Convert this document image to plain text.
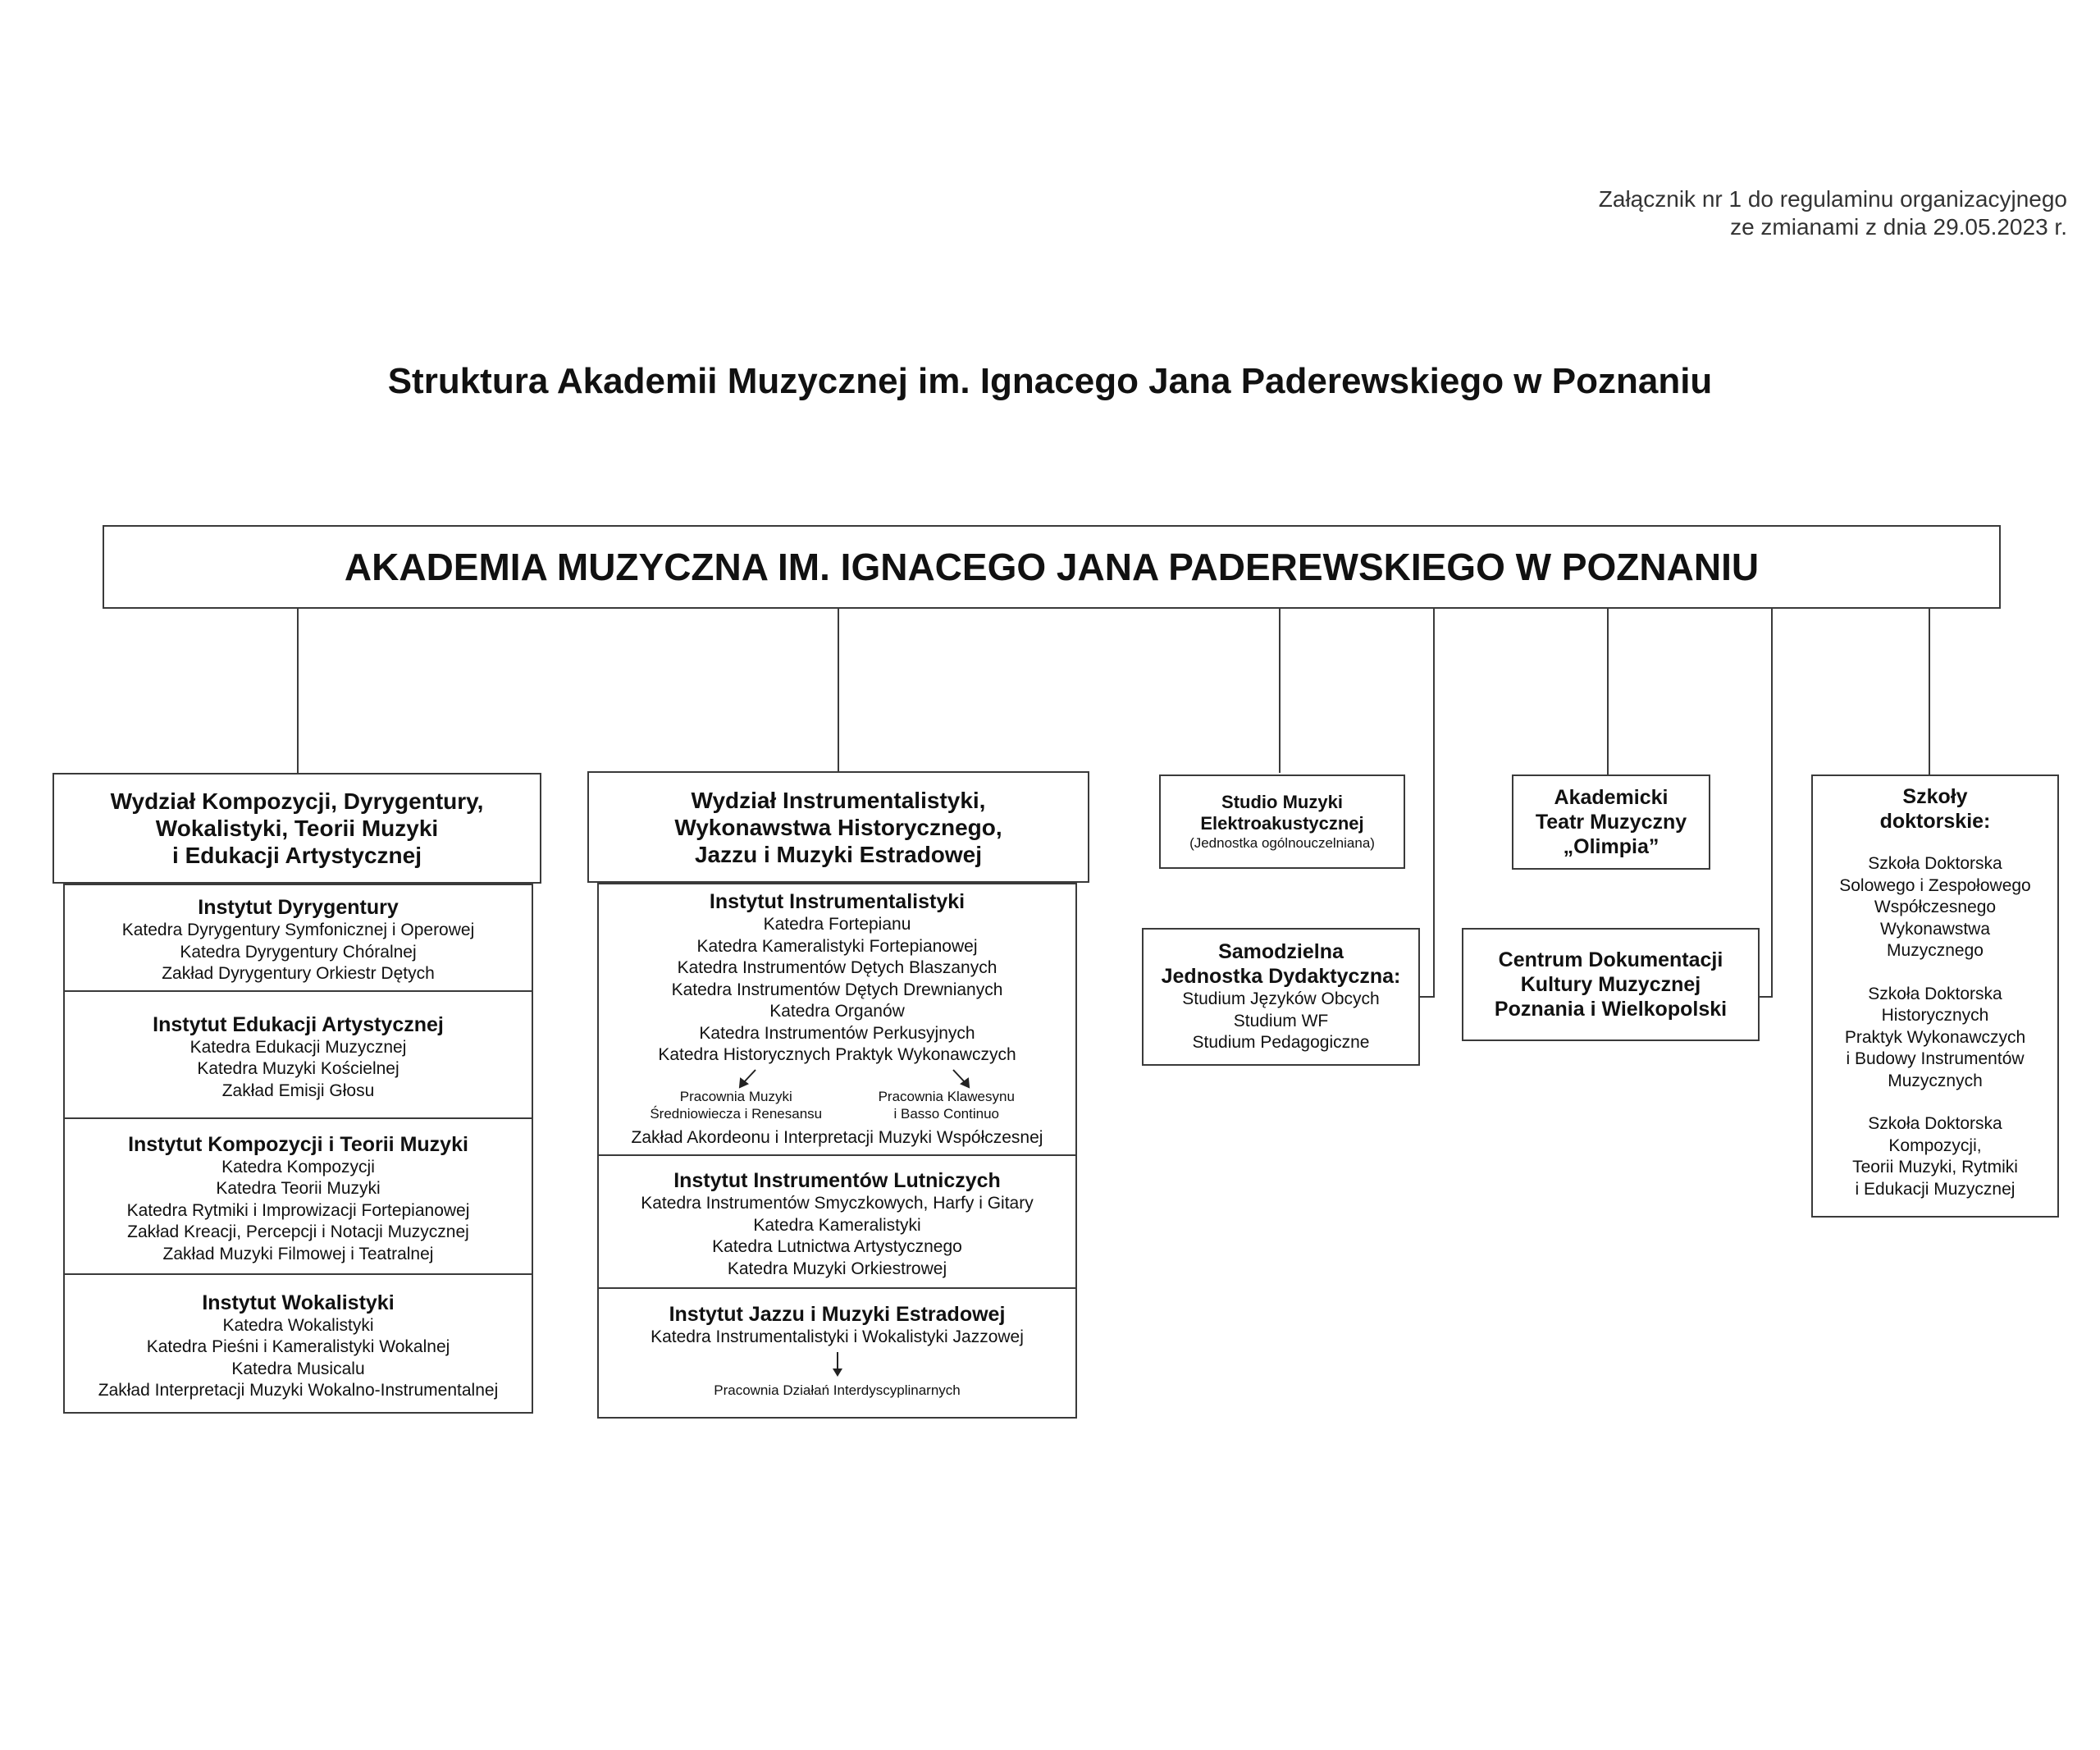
Załącznik nr 1 do regulaminu organizacyjnego
ze zmianami z dnia 29.05.2023 r.
Struktura Akademii Muzycznej im. Ignacego Jana Paderewskiego w Poznaniu
AKADEMIA MUZYCZNA IM. IGNACEGO JANA PADEREWSKIEGO W POZNANIU
Wydział Kompozycji, Dyrygentury,
Wokalistyki, Teorii Muzyki
i Edukacji Artystycznej
Instytut Dyrygentury
Katedra Dyrygentury Symfonicznej i Operowej
Katedra Dyrygentury Chóralnej
Zakład Dyrygentury Orkiestr Dętych
Instytut Edukacji Artystycznej
Katedra Edukacji Muzycznej
Katedra Muzyki Kościelnej
Zakład Emisji Głosu
Instytut Kompozycji i Teorii Muzyki
Katedra Kompozycji
Katedra Teorii Muzyki
Katedra Rytmiki i Improwizacji Fortepianowej
Zakład Kreacji, Percepcji i Notacji Muzycznej
Zakład Muzyki Filmowej i Teatralnej
Instytut Wokalistyki
Katedra Wokalistyki
Katedra Pieśni i Kameralistyki Wokalnej
Katedra Musicalu
Zakład Interpretacji Muzyki Wokalno-Instrumentalnej
Wydział Instrumentalistyki,
Wykonawstwa Historycznego,
Jazzu i Muzyki Estradowej
Instytut Instrumentalistyki
Katedra Fortepianu
Katedra Kameralistyki Fortepianowej
Katedra Instrumentów Dętych Blaszanych
Katedra Instrumentów Dętych Drewnianych
Katedra Organów
Katedra Instrumentów Perkusyjnych
Katedra Historycznych Praktyk Wykonawczych
Pracownia Muzyki
Średniowiecza i Renesansu
Pracownia Klawesynu
i Basso Continuo
Zakład Akordeonu i Interpretacji Muzyki Współczesnej
Instytut Instrumentów Lutniczych
Katedra Instrumentów Smyczkowych, Harfy i Gitary
Katedra Kameralistyki
Katedra Lutnictwa Artystycznego
Katedra Muzyki Orkiestrowej
Instytut Jazzu i Muzyki Estradowej
Katedra Instrumentalistyki i Wokalistyki Jazzowej
Pracownia Działań Interdyscyplinarnych
Studio Muzyki
Elektroakustycznej
(Jednostka ogólnouczelniana)
Akademicki
Teatr Muzyczny
„Olimpia”
Szkoły
doktorskie:
Szkoła Doktorska
Solowego i Zespołowego
Współczesnego
Wykonawstwa
Muzycznego
Szkoła Doktorska
Historycznych
Praktyk Wykonawczych
i Budowy Instrumentów
Muzycznych
Szkoła Doktorska
Kompozycji,
Teorii Muzyki, Rytmiki
i Edukacji Muzycznej
Samodzielna
Jednostka Dydaktyczna:
Studium Języków Obcych
Studium WF
Studium Pedagogiczne
Centrum Dokumentacji
Kultury Muzycznej
Poznania i Wielkopolski
